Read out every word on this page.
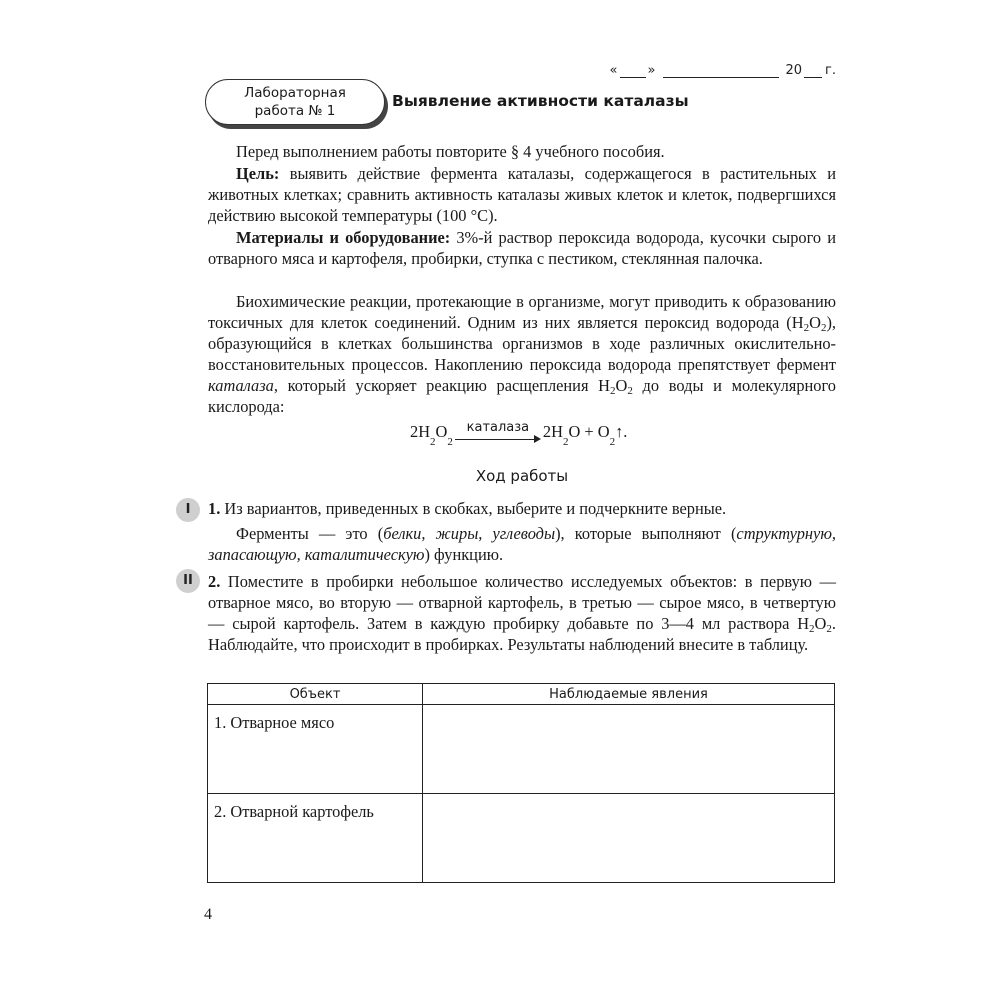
« »	20 г.
Лабораторная
работа № 1
Выявление активности каталазы

Перед выполнением работы повторите § 4 учебного пособия.

Цель: выявить действие фермента каталазы, содержащегося в растительных и животных клетках; сравнить активность каталазы живых клеток и клеток, подвергшихся действию высокой температуры (100 °С).

Материалы и оборудование: 3%-й раствор пероксида водорода, кусочки сырого и отварного мяса и картофеля, пробирки, ступка с пестиком, стеклянная палочка.

Биохимические реакции, протекающие в организме, могут приводить к образованию токсичных для клеток соединений. Одним из них является пероксид водорода $(H_2O_2)$, образующийся в клетках большинства организмов в ходе различных окислительно-восстановительных процессов. Накоплению пероксида водорода препятствует фермент каталаза, который ускоряет реакцию расщепления $H_2O_2$ до воды и молекулярного кислорода:

2H
2
O
2
каталаза 2H
2
O + O
2
↑.
Ход работы
I	1. Из вариантов, приведенных в скобках, выберите и подчеркните верные.

Ферменты — это (белки, жиры, углеводы), которые выполняют (структурную, запасающую, каталитическую) функцию.

II 2. Поместите в пробирки небольшое количество исследуемых объектов: в первую — отварное мясо, во вторую — отварной картофель, в третью — сырое мясо, в четвертую — сырой картофель. Затем в каждую пробирку добавьте по 3—4 мл раствора $H_2O_2$. Наблюдайте, что происходит в пробирках. Результаты наблюдений внесите в таблицу.

Объект	Наблюдаемые явления
1. Отварное мясо	
2. Отварной картофель	
4
